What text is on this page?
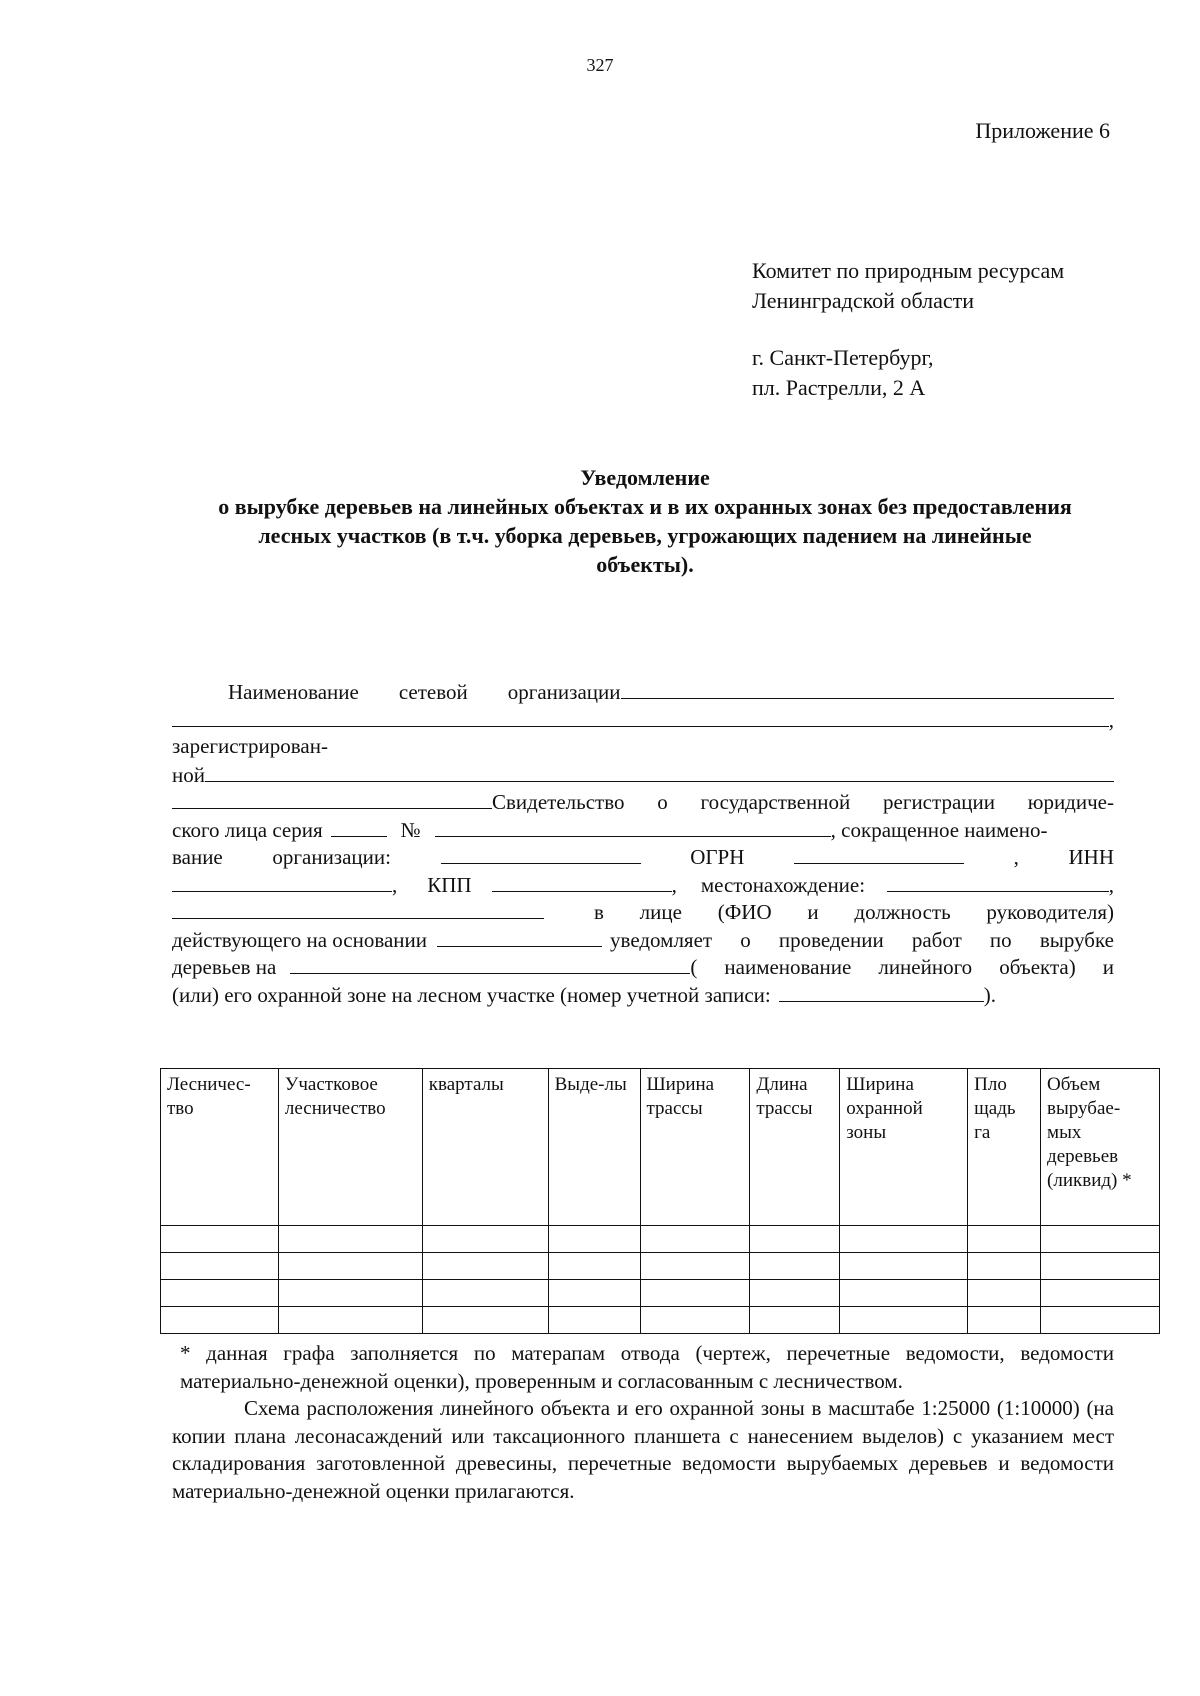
327
Приложение 6
Комитет по природным ресурсам
Ленинградской области
г. Санкт-Петербург,
пл. Растрелли, 2 А
Уведомление
о вырубке деревьев на линейных объектах и в их охранных зонах без предоставления
лесных участков (в т.ч. уборка деревьев, угрожающих падением на линейные
объекты).
Наименование сетевой организации
,
зарегистрирован-
ной
Свидетельство о государственной регистрации юридиче-
ского лица серия	№	, сокращенное наимено-
вание организации:	ОГРН	, ИНН
, КПП	, местонахождение:	,
в лице (ФИО и должность руководителя)
действующего на основании	уведомляет о проведении работ по вырубке
деревьев на	( наименование линейного объекта) и
(или) его охранной зоне на лесном участке (номер учетной записи:	).
Лесничес-тво	Участковое лесничество	кварталы	Выде-лы	Ширина трассы	Длина трассы	Ширина охранной зоны	Пло щадь га	Объем вырубае-мых деревьев (ликвид) *

* данная графа заполняется по матерапам отвода (чертеж, перечетные ведомости, ведомости материально-денежной оценки), проверенным и согласованным с лесничеством.

Схема расположения линейного объекта и его охранной зоны в масштабе 1:25000 (1:10000) (на копии плана лесонасаждений или таксационного планшета с нанесением выделов) с указанием мест складирования заготовленной древесины, перечетные ведомости вырубаемых деревьев и ведомости материально-денежной оценки прилагаются.
